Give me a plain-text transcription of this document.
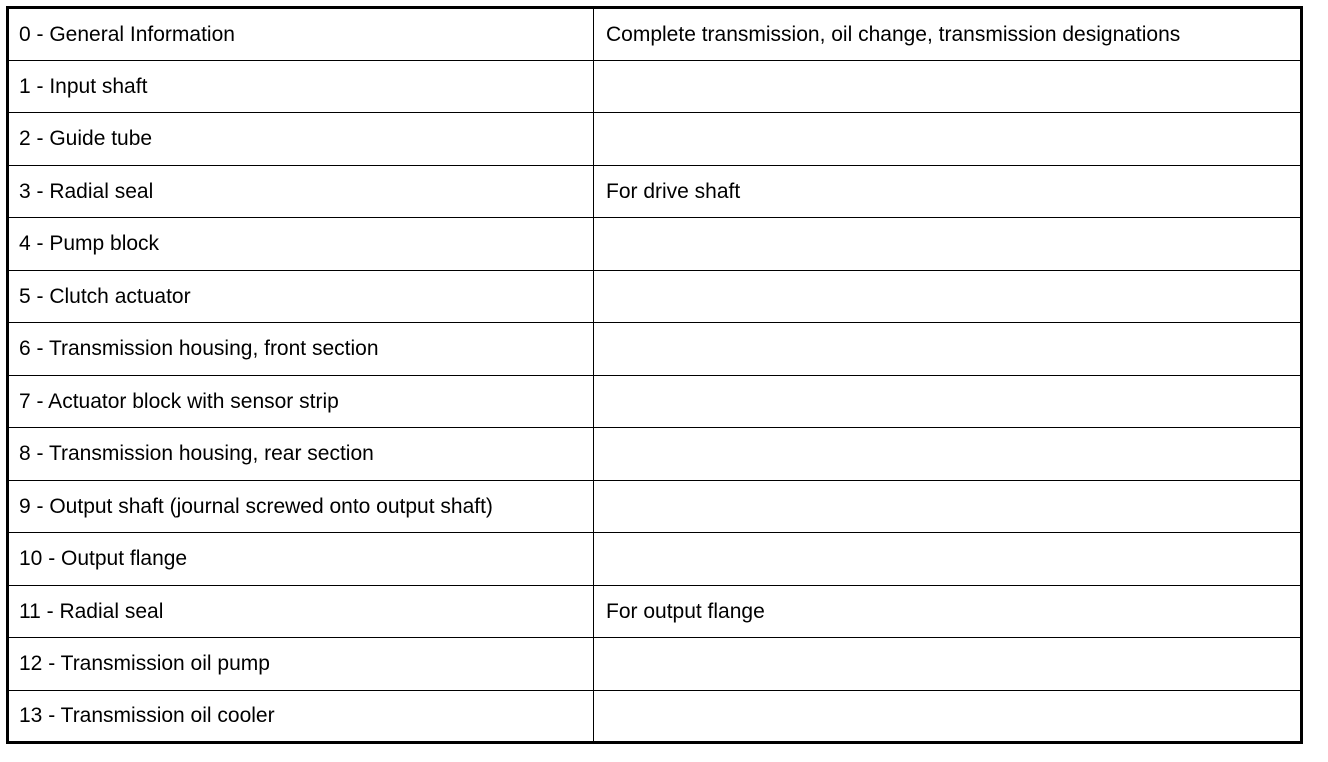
0 - General Information	Complete transmission, oil change, transmission designations
1 - Input shaft	
2 - Guide tube	
3 - Radial seal	For drive shaft
4 - Pump block	
5 - Clutch actuator	
6 - Transmission housing, front section	
7 - Actuator block with sensor strip	
8 - Transmission housing, rear section	
9 - Output shaft (journal screwed onto output shaft)	
10 - Output flange	
11 - Radial seal	For output flange
12 - Transmission oil pump	
13 - Transmission oil cooler	
